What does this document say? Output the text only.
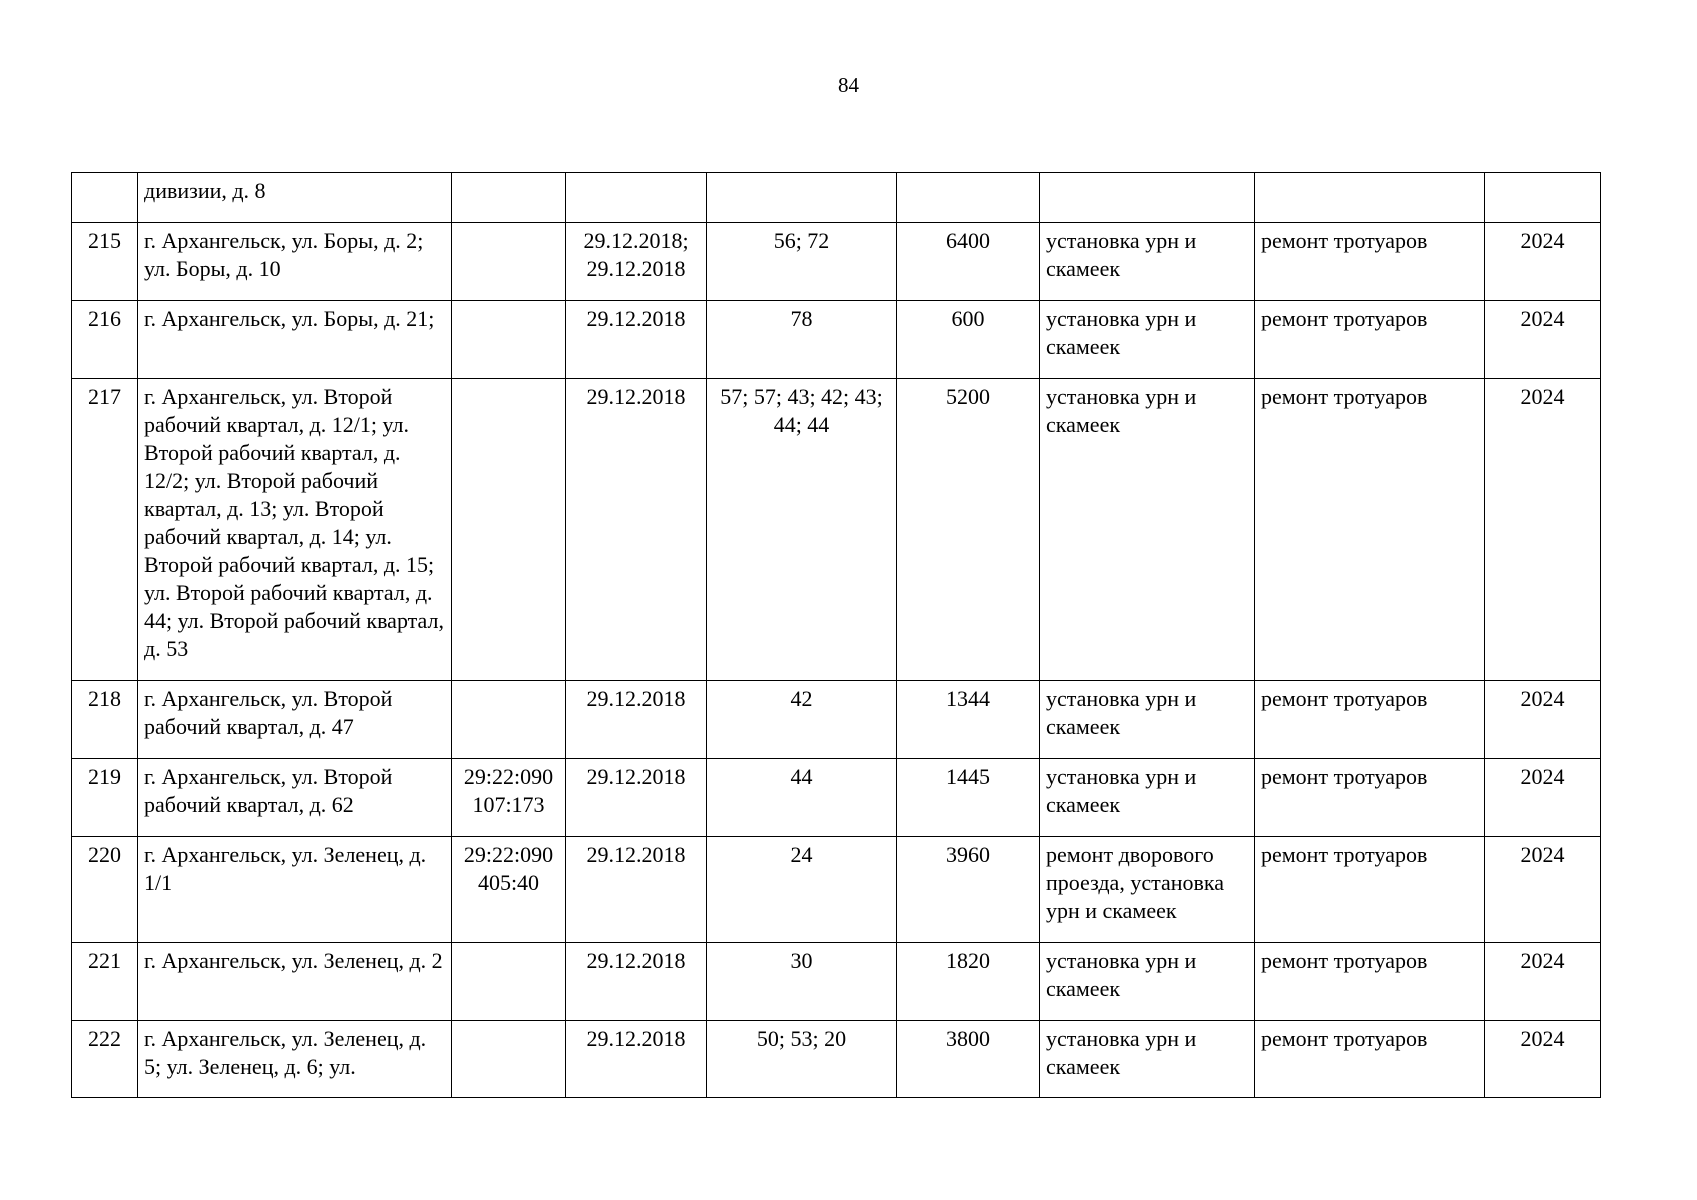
84
	дивизии, д. 8							
215	г. Архангельск, ул. Боры, д. 2; ул. Боры, д. 10		29.12.2018; 29.12.2018	56; 72	6400	установка урн и скамеек	ремонт тротуаров	2024
216	г. Архангельск, ул. Боры, д. 21;		29.12.2018	78	600	установка урн и скамеек	ремонт тротуаров	2024
217	г. Архангельск, ул. Второй рабочий квартал, д. 12/1; ул. Второй рабочий квартал, д. 12/2; ул. Второй рабочий квартал, д. 13; ул. Второй рабочий квартал, д. 14; ул. Второй рабочий квартал, д. 15; ул. Второй рабочий квартал, д. 44; ул. Второй рабочий квартал, д. 53		29.12.2018	57; 57; 43; 42; 43; 44; 44	5200	установка урн и скамеек	ремонт тротуаров	2024
218	г. Архангельск, ул. Второй рабочий квартал, д. 47		29.12.2018	42	1344	установка урн и скамеек	ремонт тротуаров	2024
219	г. Архангельск, ул. Второй рабочий квартал, д. 62	29:22:090 107:173	29.12.2018	44	1445	установка урн и скамеек	ремонт тротуаров	2024
220	г. Архангельск, ул. Зеленец, д. 1/1	29:22:090 405:40	29.12.2018	24	3960	ремонт дворового проезда, установка урн и скамеек	ремонт тротуаров	2024
221	г. Архангельск, ул. Зеленец, д. 2		29.12.2018	30	1820	установка урн и скамеек	ремонт тротуаров	2024
222	г. Архангельск, ул. Зеленец, д. 5; ул. Зеленец, д. 6; ул.		29.12.2018	50; 53; 20	3800	установка урн и скамеек	ремонт тротуаров	2024
